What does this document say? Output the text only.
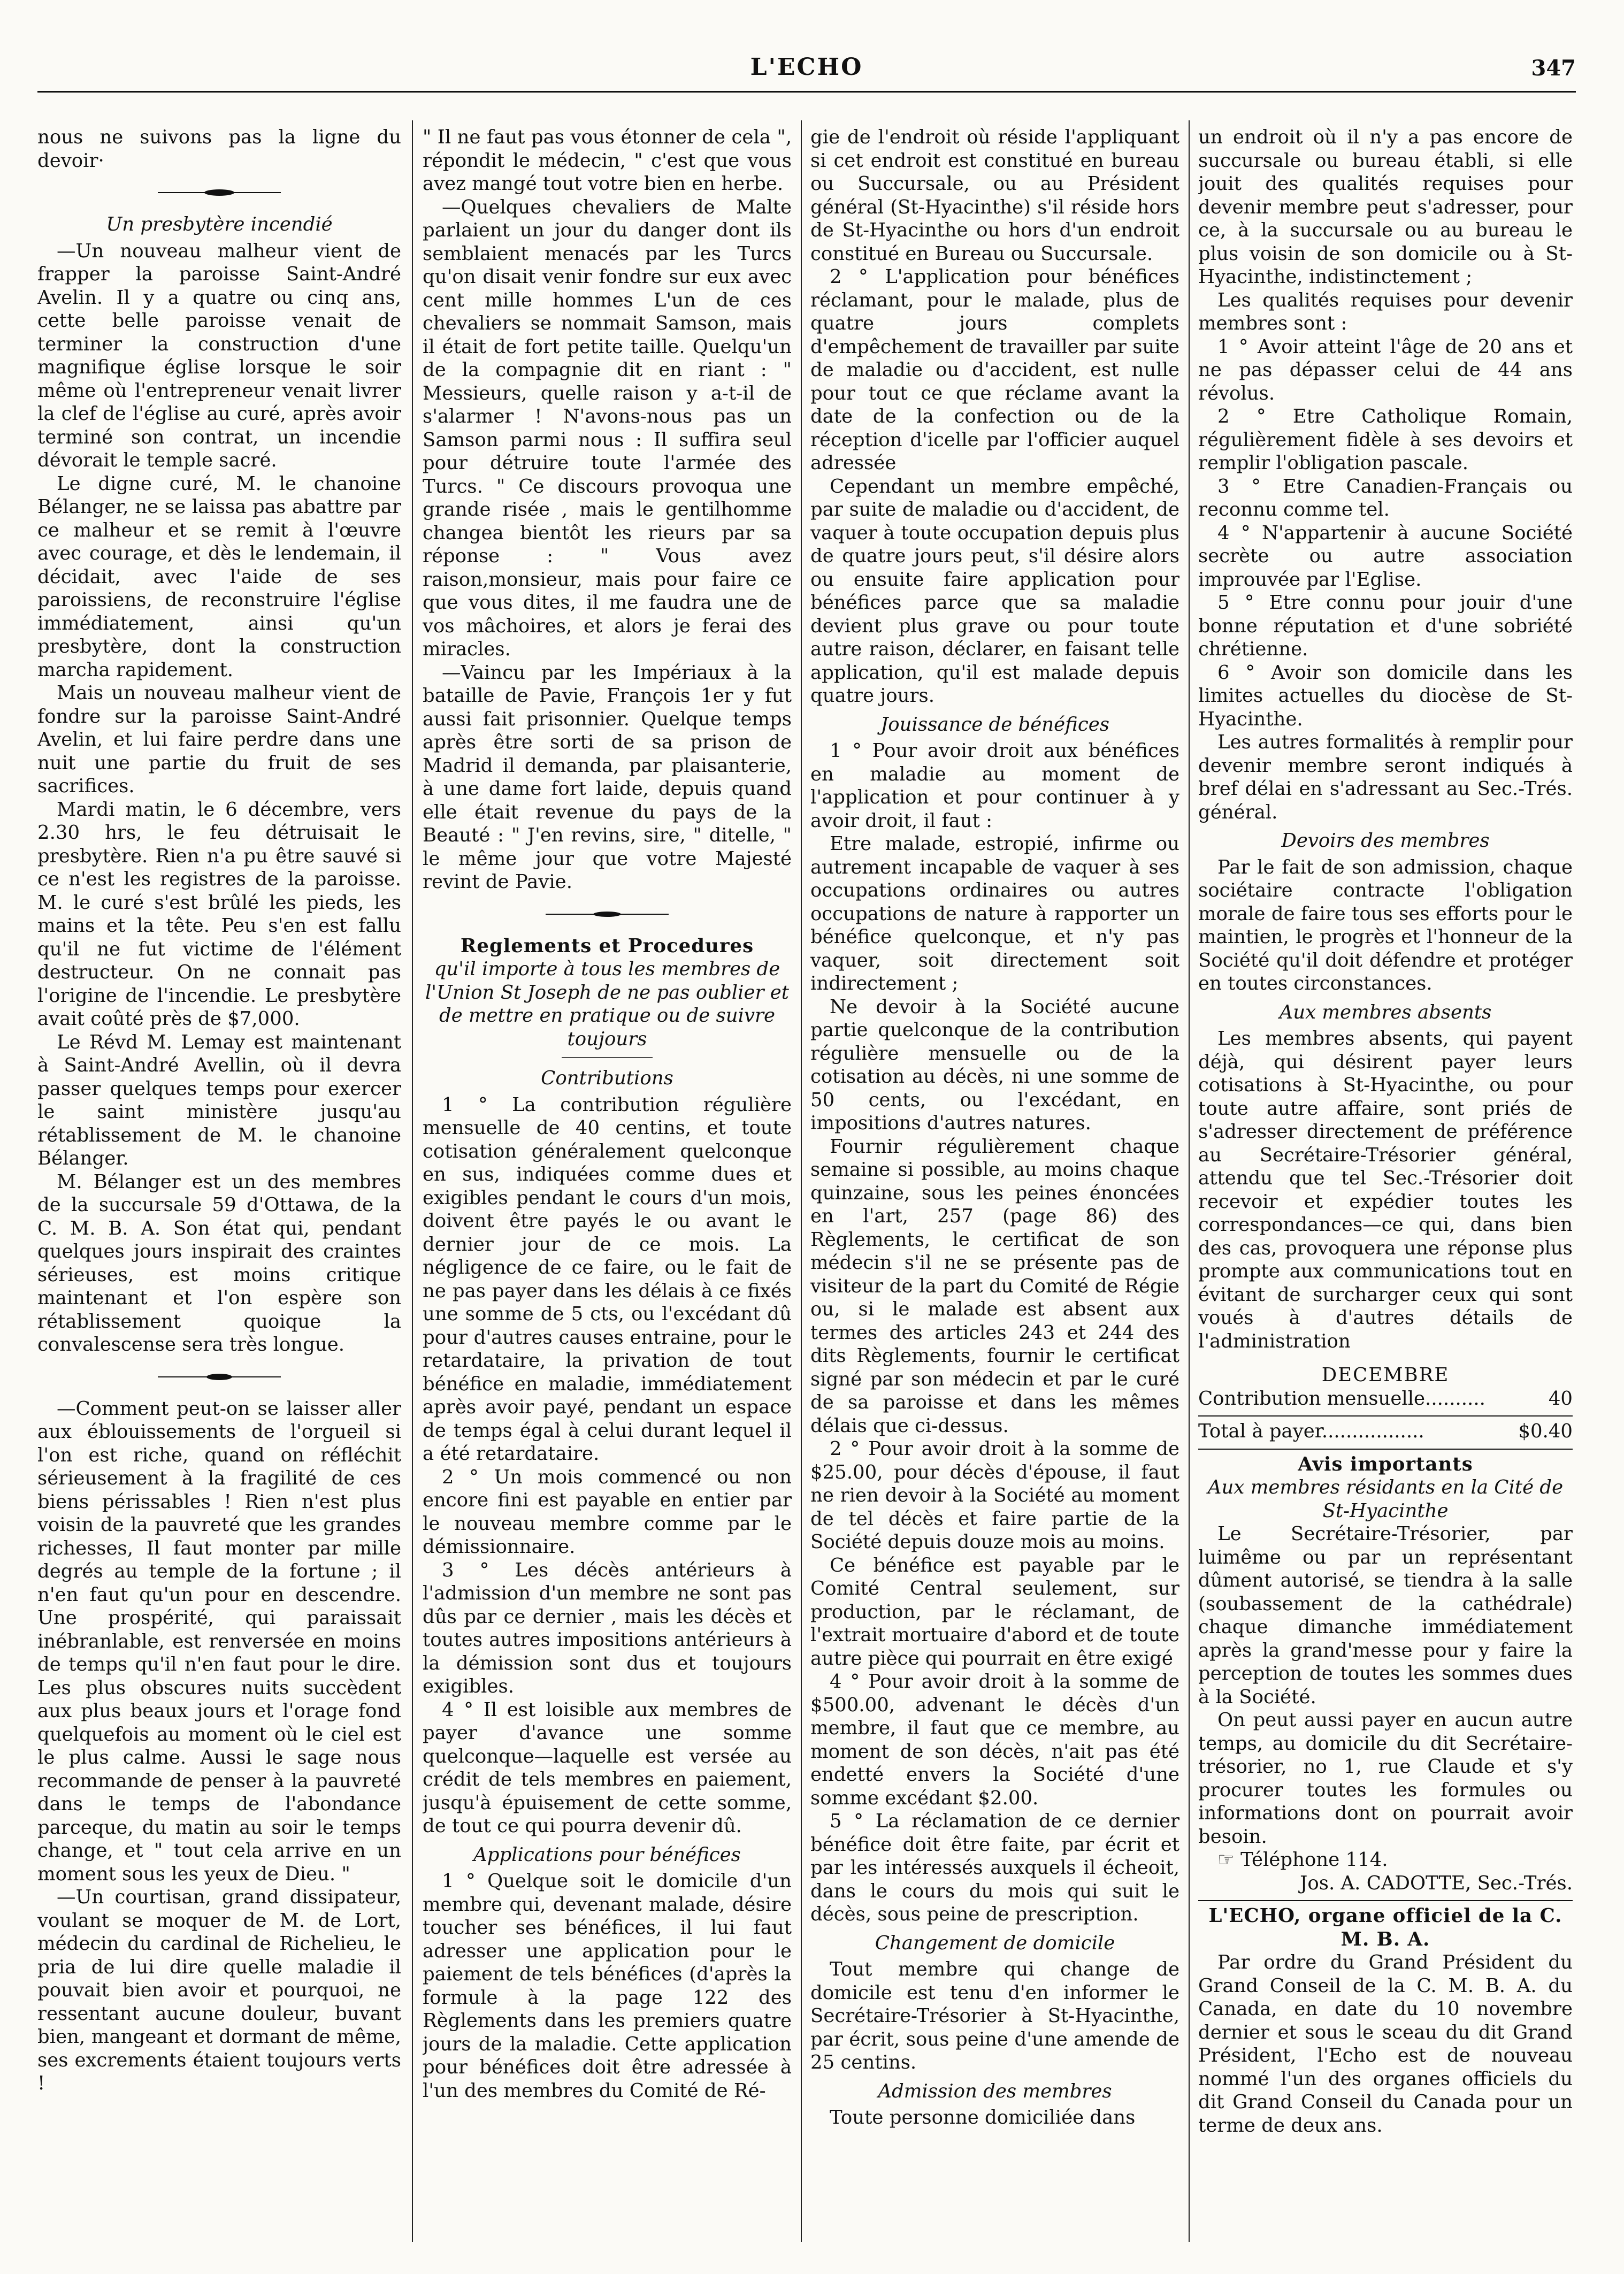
L'ECHO	347

nous ne suivons pas la ligne du devoir·

Un presbytère incendié

—Un nouveau malheur vient de frapper la paroisse Saint-André Avelin. Il y a quatre ou cinq ans, cette belle paroisse venait de terminer la construction d'une magnifique église lorsque le soir même où l'entrepreneur venait livrer la clef de l'église au curé, après avoir terminé son contrat, un incendie dévorait le temple sacré.

Le digne curé, M. le chanoine Bélanger, ne se laissa pas abattre par ce malheur et se remit à l'œuvre avec courage, et dès le lendemain, il décidait, avec l'aide de ses paroissiens, de reconstruire l'église immédiatement, ainsi qu'un presbytère, dont la construction marcha rapidement.

Mais un nouveau malheur vient de fondre sur la paroisse Saint-André Avelin, et lui faire perdre dans une nuit une partie du fruit de ses sacrifices.

Mardi matin, le 6 décembre, vers 2.30 hrs, le feu détruisait le presbytère. Rien n'a pu être sauvé si ce n'est les registres de la paroisse. M. le curé s'est brûlé les pieds, les mains et la tête. Peu s'en est fallu qu'il ne fut victime de l'élément destructeur. On ne connait pas l'origine de l'incendie. Le presbytère avait coûté près de $7,000.

Le Révd M. Lemay est maintenant à Saint-André Avellin, où il devra passer quelques temps pour exercer le saint ministère jusqu'au rétablissement de M. le chanoine Bélanger.

M. Bélanger est un des membres de la succursale 59 d'Ottawa, de la C. M. B. A. Son état qui, pendant quelques jours inspirait des craintes sérieuses, est moins critique maintenant et l'on espère son rétablissement quoique la convalescense sera très longue.

—Comment peut-on se laisser aller aux éblouissements de l'orgueil si l'on est riche, quand on réfléchit sérieusement à la fragilité de ces biens périssables ! Rien n'est plus voisin de la pauvreté que les grandes richesses, Il faut monter par mille degrés au temple de la fortune ; il n'en faut qu'un pour en descendre. Une prospérité, qui paraissait inébranlable, est renversée en moins de temps qu'il n'en faut pour le dire. Les plus obscures nuits succèdent aux plus beaux jours et l'orage fond quelquefois au moment où le ciel est le plus calme. Aussi le sage nous recommande de penser à la pauvreté dans le temps de l'abondance parceque, du matin au soir le temps change, et " tout cela arrive en un moment sous les yeux de Dieu. "

—Un courtisan, grand dissipateur, voulant se moquer de M. de Lort, médecin du cardinal de Richelieu, le pria de lui dire quelle maladie il pouvait bien avoir et pourquoi, ne ressentant aucune douleur, buvant bien, mangeant et dormant de même, ses excrements étaient toujours verts !

" Il ne faut pas vous étonner de cela ", répondit le médecin, " c'est que vous avez mangé tout votre bien en herbe.

—Quelques chevaliers de Malte parlaient un jour du danger dont ils semblaient menacés par les Turcs qu'on disait venir fondre sur eux avec cent mille hommes L'un de ces chevaliers se nommait Samson, mais il était de fort petite taille. Quelqu'un de la compagnie dit en riant : " Messieurs, quelle raison y a-t-il de s'alarmer ! N'avons-nous pas un Samson parmi nous : Il suffira seul pour détruire toute l'armée des Turcs. " Ce discours provoqua une grande risée , mais le gentilhomme changea bientôt les rieurs par sa réponse : " Vous avez raison,monsieur, mais pour faire ce que vous dites, il me faudra une de vos mâchoires, et alors je ferai des miracles.

—Vaincu par les Impériaux à la bataille de Pavie, François 1er y fut aussi fait prisonnier. Quelque temps après être sorti de sa prison de Madrid il demanda, par plaisanterie, à une dame fort laide, depuis quand elle était revenue du pays de la Beauté : " J'en revins, sire, " ditelle, " le même jour que votre Majesté revint de Pavie.

Reglements et Procedures

qu'il importe à tous les membres de l'Union St Joseph de ne pas oublier et de mettre en pratique ou de suivre toujours

Contributions

1 ° La contribution régulière mensuelle de 40 centins, et toute cotisation généralement quelconque en sus, indiquées comme dues et exigibles pendant le cours d'un mois, doivent être payés le ou avant le dernier jour de ce mois. La négligence de ce faire, ou le fait de ne pas payer dans les délais à ce fixés une somme de 5 cts, ou l'excédant dû pour d'autres causes entraine, pour le retardataire, la privation de tout bénéfice en maladie, immédiatement après avoir payé, pendant un espace de temps égal à celui durant lequel il a été retardataire.

2 ° Un mois commencé ou non encore fini est payable en entier par le nouveau membre comme par le démissionnaire.

3 ° Les décès antérieurs à l'admission d'un membre ne sont pas dûs par ce dernier , mais les décès et toutes autres impositions antérieurs à la démission sont dus et toujours exigibles.

4 ° Il est loisible aux membres de payer d'avance une somme quelconque—laquelle est versée au crédit de tels membres en paiement, jusqu'à épuisement de cette somme, de tout ce qui pourra devenir dû.

Applications pour bénéfices

1 ° Quelque soit le domicile d'un membre qui, devenant malade, désire toucher ses bénéfices, il lui faut adresser une application pour le paiement de tels bénéfices (d'après la formule à la page 122 des Règlements dans les premiers quatre jours de la maladie. Cette application pour bénéfices doit être adressée à l'un des membres du Comité de Ré-

gie de l'endroit où réside l'appliquant si cet endroit est constitué en bureau ou Succursale, ou au Président général (St-Hyacinthe) s'il réside hors de St-Hyacinthe ou hors d'un endroit constitué en Bureau ou Succursale.

2 ° L'application pour bénéfices réclamant, pour le malade, plus de quatre jours complets d'empêchement de travailler par suite de maladie ou d'accident, est nulle pour tout ce que réclame avant la date de la confection ou de la réception d'icelle par l'officier auquel adressée

Cependant un membre empêché, par suite de maladie ou d'accident, de vaquer à toute occupation depuis plus de quatre jours peut, s'il désire alors ou ensuite faire application pour bénéfices parce que sa maladie devient plus grave ou pour toute autre raison, déclarer, en faisant telle application, qu'il est malade depuis quatre jours.

Jouissance de bénéfices

1 ° Pour avoir droit aux bénéfices en maladie au moment de l'application et pour continuer à y avoir droit, il faut :

Etre malade, estropié, infirme ou autrement incapable de vaquer à ses occupations ordinaires ou autres occupations de nature à rapporter un bénéfice quelconque, et n'y pas vaquer, soit directement soit indirectement ;

Ne devoir à la Société aucune partie quelconque de la contribution régulière mensuelle ou de la cotisation au décès, ni une somme de 50 cents, ou l'excédant, en impositions d'autres natures.

Fournir régulièrement chaque semaine si possible, au moins chaque quinzaine, sous les peines énoncées en l'art, 257 (page 86) des Règlements, le certificat de son médecin s'il ne se présente pas de visiteur de la part du Comité de Régie ou, si le malade est absent aux termes des articles 243 et 244 des dits Règlements, fournir le certificat signé par son médecin et par le curé de sa paroisse et dans les mêmes délais que ci-dessus.

2 ° Pour avoir droit à la somme de $25.00, pour décès d'épouse, il faut ne rien devoir à la Société au moment de tel décès et faire partie de la Société depuis douze mois au moins.

Ce bénéfice est payable par le Comité Central seulement, sur production, par le réclamant, de l'extrait mortuaire d'abord et de toute autre pièce qui pourrait en être exigé

4 ° Pour avoir droit à la somme de $500.00, advenant le décès d'un membre, il faut que ce membre, au moment de son décès, n'ait pas été endetté envers la Société d'une somme excédant $2.00.

5 ° La réclamation de ce dernier bénéfice doit être faite, par écrit et par les intéressés auxquels il écheoit, dans le cours du mois qui suit le décès, sous peine de prescription.

Changement de domicile

Tout membre qui change de domicile est tenu d'en informer le Secrétaire-Trésorier à St-Hyacinthe, par écrit, sous peine d'une amende de 25 centins.

Admission des membres

Toute personne domiciliée dans

un endroit où il n'y a pas encore de succursale ou bureau établi, si elle jouit des qualités requises pour devenir membre peut s'adresser, pour ce, à la succursale ou au bureau le plus voisin de son domicile ou à St-Hyacinthe, indistinctement ;

Les qualités requises pour devenir membres sont :

1 ° Avoir atteint l'âge de 20 ans et ne pas dépasser celui de 44 ans révolus.

2 ° Etre Catholique Romain, régulièrement fidèle à ses devoirs et remplir l'obligation pascale.

3 ° Etre Canadien-Français ou reconnu comme tel.

4 ° N'appartenir à aucune Société secrète ou autre association improuvée par l'Eglise.

5 ° Etre connu pour jouir d'une bonne réputation et d'une sobriété chrétienne.

6 ° Avoir son domicile dans les limites actuelles du diocèse de St-Hyacinthe.

Les autres formalités à remplir pour devenir membre seront indiqués à bref délai en s'adressant au Sec.-Trés. général.

Devoirs des membres

Par le fait de son admission, chaque sociétaire contracte l'obligation morale de faire tous ses efforts pour le maintien, le progrès et l'honneur de la Société qu'il doit défendre et protéger en toutes circonstances.

Aux membres absents

Les membres absents, qui payent déjà, qui désirent payer leurs cotisations à St-Hyacinthe, ou pour toute autre affaire, sont priés de s'adresser directement de préférence au Secrétaire-Trésorier général, attendu que tel Sec.-Trésorier doit recevoir et expédier toutes les correspondances—ce qui, dans bien des cas, provoquera une réponse plus prompte aux communications tout en évitant de surcharger ceux qui sont voués à d'autres détails de l'administration

DECEMBRE

Contribution mensuelle..........	40
Total à payer.................	$0.40

Avis importants

Aux membres résidants en la Cité de St-Hyacinthe

Le Secrétaire-Trésorier, par luimême ou par un représentant dûment autorisé, se tiendra à la salle (soubassement de la cathédrale) chaque dimanche immédiatement après la grand'messe pour y faire la perception de toutes les sommes dues à la Société.

On peut aussi payer en aucun autre temps, au domicile du dit Secrétaire-trésorier, no 1, rue Claude et s'y procurer toutes les formules ou informations dont on pourrait avoir besoin.

☞ Téléphone 114.

Jos. A. CADOTTE, Sec.-Trés.

L'ECHO, organe officiel de la C. M. B. A.

Par ordre du Grand Président du Grand Conseil de la C. M. B. A. du Canada, en date du 10 novembre dernier et sous le sceau du dit Grand Président, l'Echo est de nouveau nommé l'un des organes officiels du dit Grand Conseil du Canada pour un terme de deux ans.
